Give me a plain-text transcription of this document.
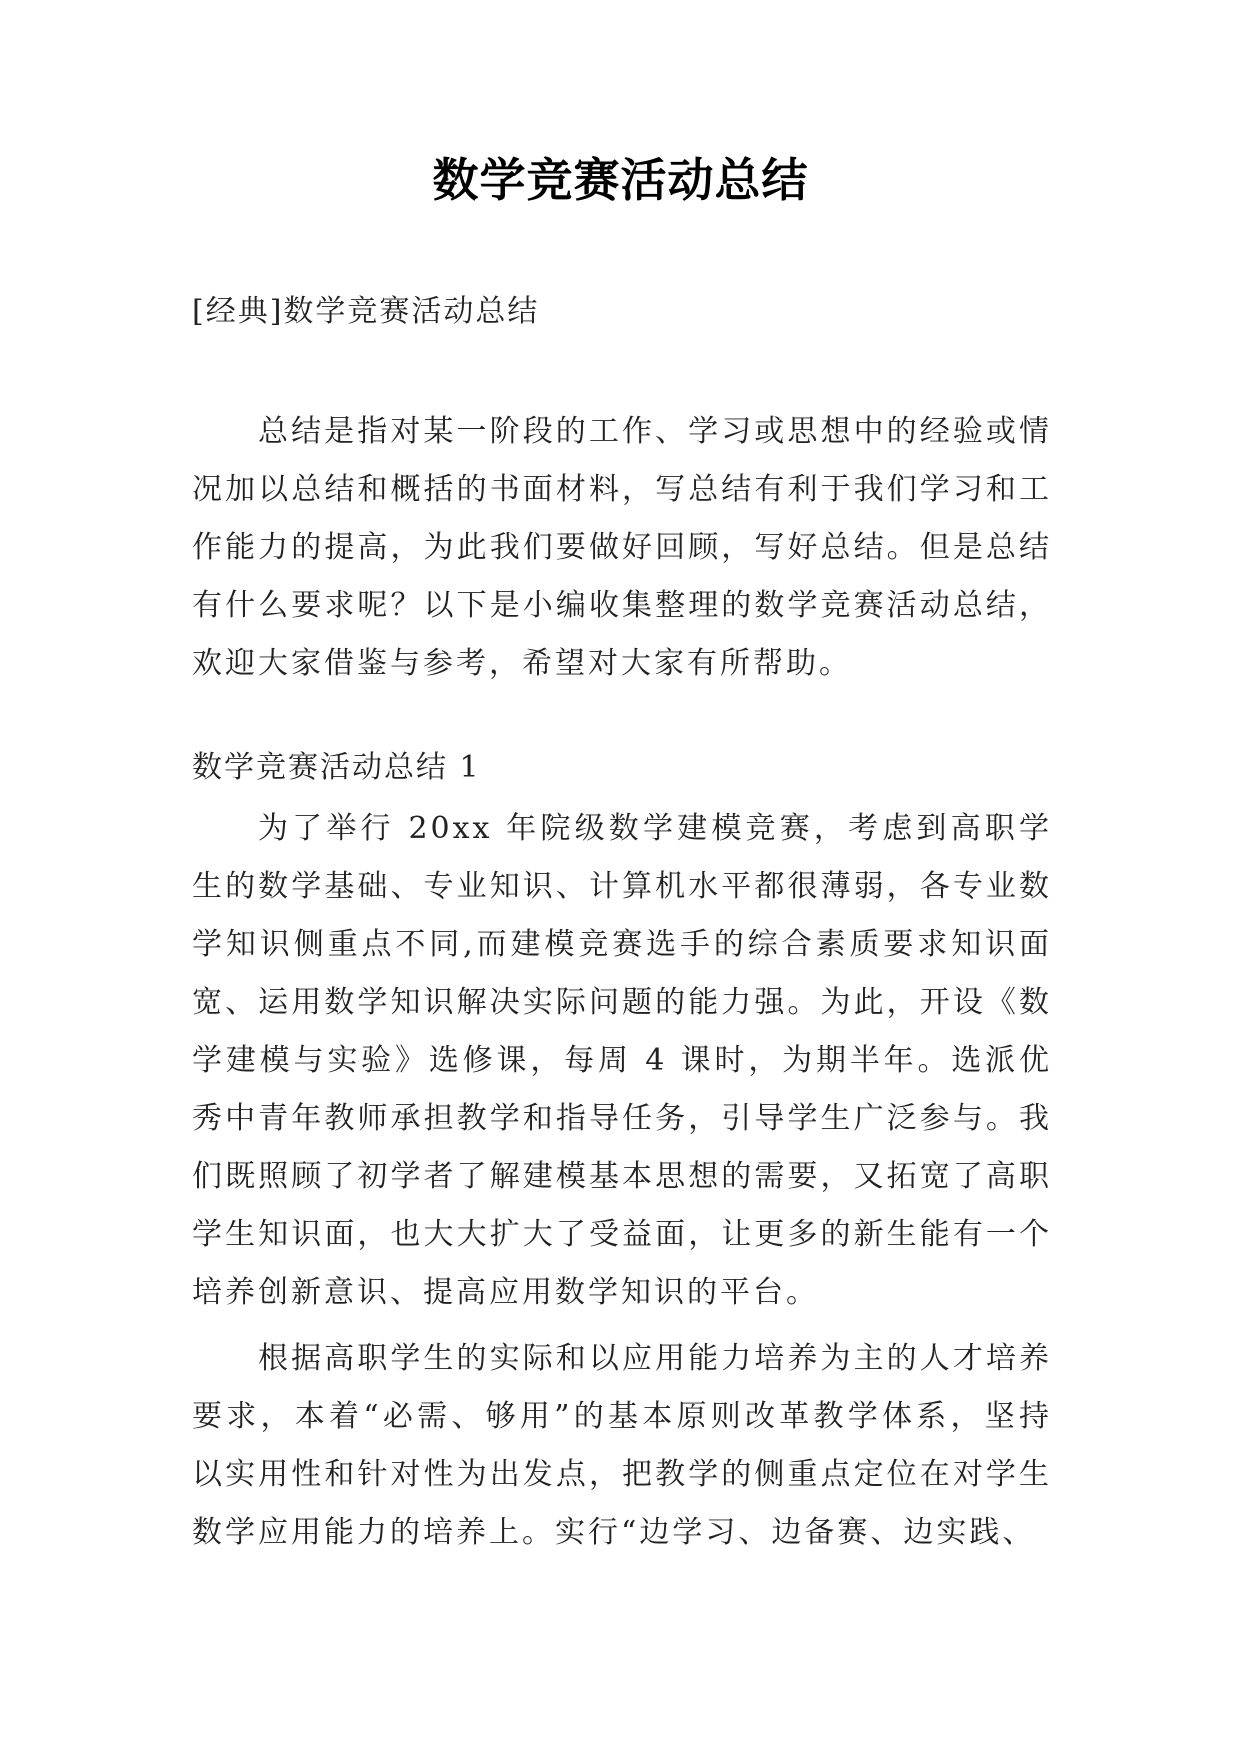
数学竞赛活动总结
[经典]数学竞赛活动总结

总结是指对某一阶段的工作、学习或思想中的经验或情况加以总结和概括的书面材料，写总结有利于我们学习和工作能力的提高，为此我们要做好回顾，写好总结。但是总结有什么要求呢？以下是小编收集整理的数学竞赛活动总结，欢迎大家借鉴与参考，希望对大家有所帮助。

数学竞赛活动总结 1

为了举行 20xx 年院级数学建模竞赛，考虑到高职学生的数学基础、专业知识、计算机水平都很薄弱，各专业数学知识侧重点不同,而建模竞赛选手的综合素质要求知识面宽、运用数学知识解决实际问题的能力强。为此，开设《数学建模与实验》选修课，每周 4 课时，为期半年。选派优秀中青年教师承担教学和指导任务，引导学生广泛参与。我们既照顾了初学者了解建模基本思想的需要，又拓宽了高职学生知识面，也大大扩大了受益面，让更多的新生能有一个培养创新意识、提高应用数学知识的平台。

根据高职学生的实际和以应用能力培养为主的人才培养要求，本着“必需、够用”的基本原则改革教学体系，坚持以实用性和针对性为出发点，把教学的侧重点定位在对学生数学应用能力的培养上。实行“边学习、边备赛、边实践、
